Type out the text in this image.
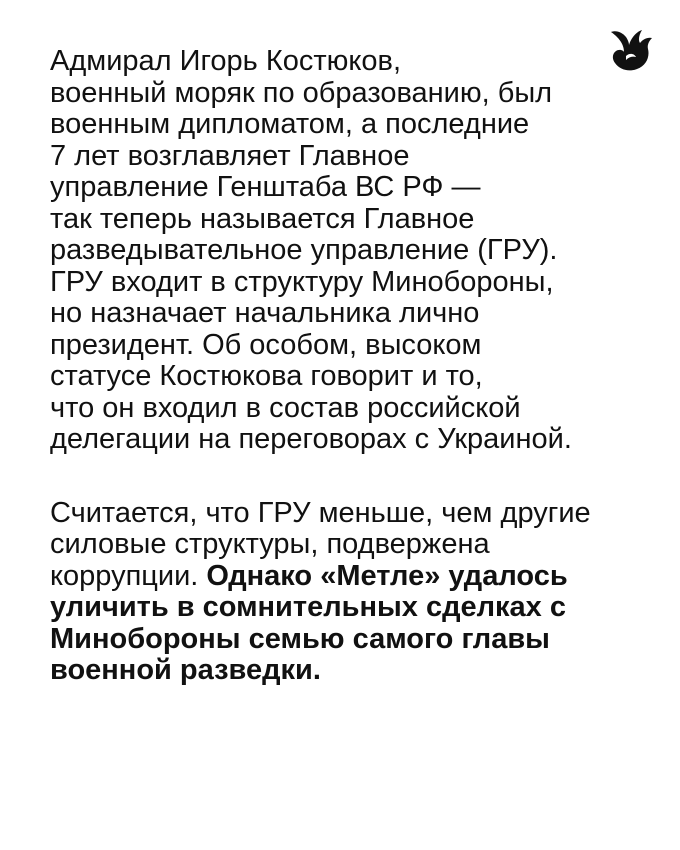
Адмирал Игорь Костюков,
военный моряк по образованию, был
военным дипломатом, а последние
7 лет возглавляет Главное
управление Генштаба ВС РФ —
так теперь называется Главное
разведывательное управление (ГРУ).
ГРУ входит в структуру Минобороны,
но назначает начальника лично
президент. Об особом, высоком
статусе Костюкова говорит и то,
что он входил в состав российской
делегации на переговорах с Украиной.

Считается, что ГРУ меньше, чем другие
силовые структуры, подвержена
коррупции. Однако «Метле» удалось
уличить в сомнительных сделках с
Минобороны семью самого главы
военной разведки.
